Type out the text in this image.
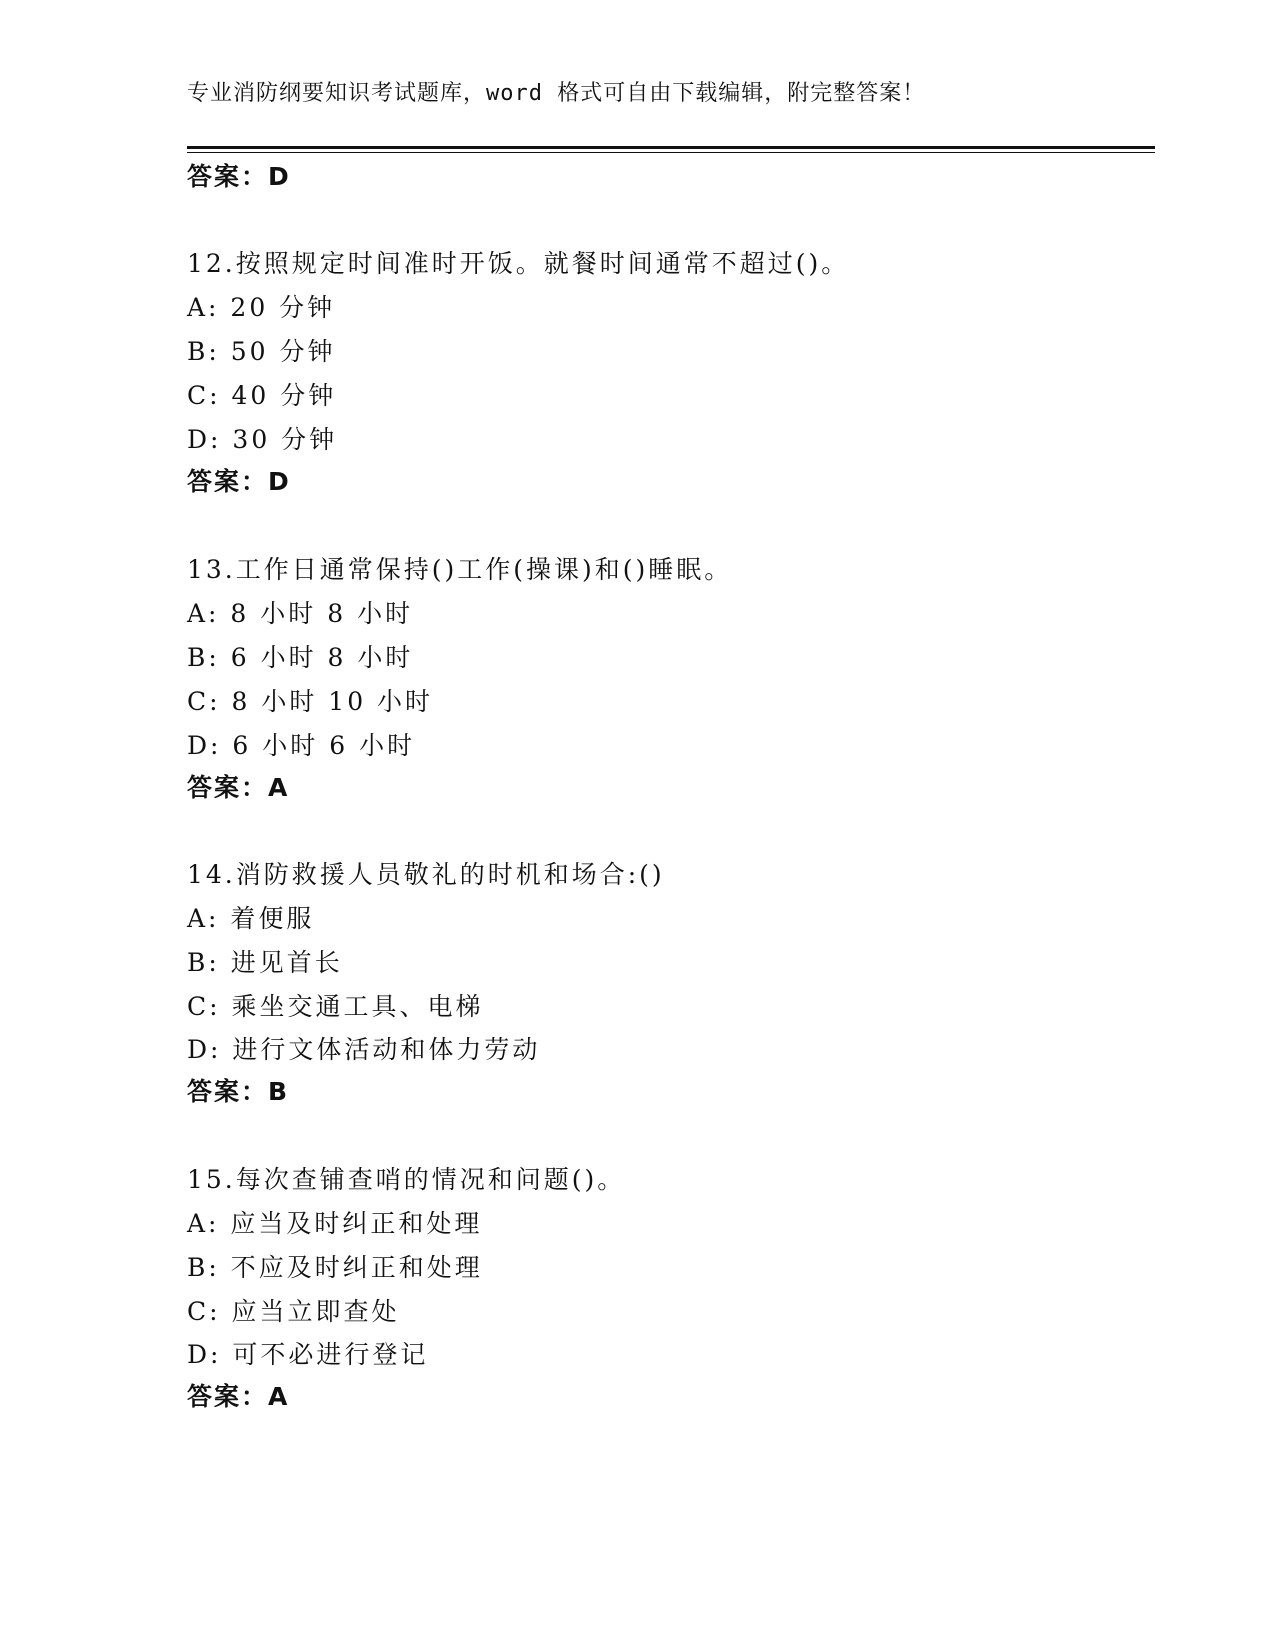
专业消防纲要知识考试题库，word 格式可自由下载编辑，附完整答案！
答案：D
12.按照规定时间准时开饭。就餐时间通常不超过()。
A: 20 分钟
B: 50 分钟
C: 40 分钟
D: 30 分钟
答案：D
13.工作日通常保持()工作(操课)和()睡眠。
A: 8 小时 8 小时
B: 6 小时 8 小时
C: 8 小时 10 小时
D: 6 小时 6 小时
答案：A
14.消防救援人员敬礼的时机和场合:()
A: 着便服
B: 进见首长
C: 乘坐交通工具、电梯
D: 进行文体活动和体力劳动
答案：B
15.每次查铺查哨的情况和问题()。
A: 应当及时纠正和处理
B: 不应及时纠正和处理
C: 应当立即查处
D: 可不必进行登记
答案：A
